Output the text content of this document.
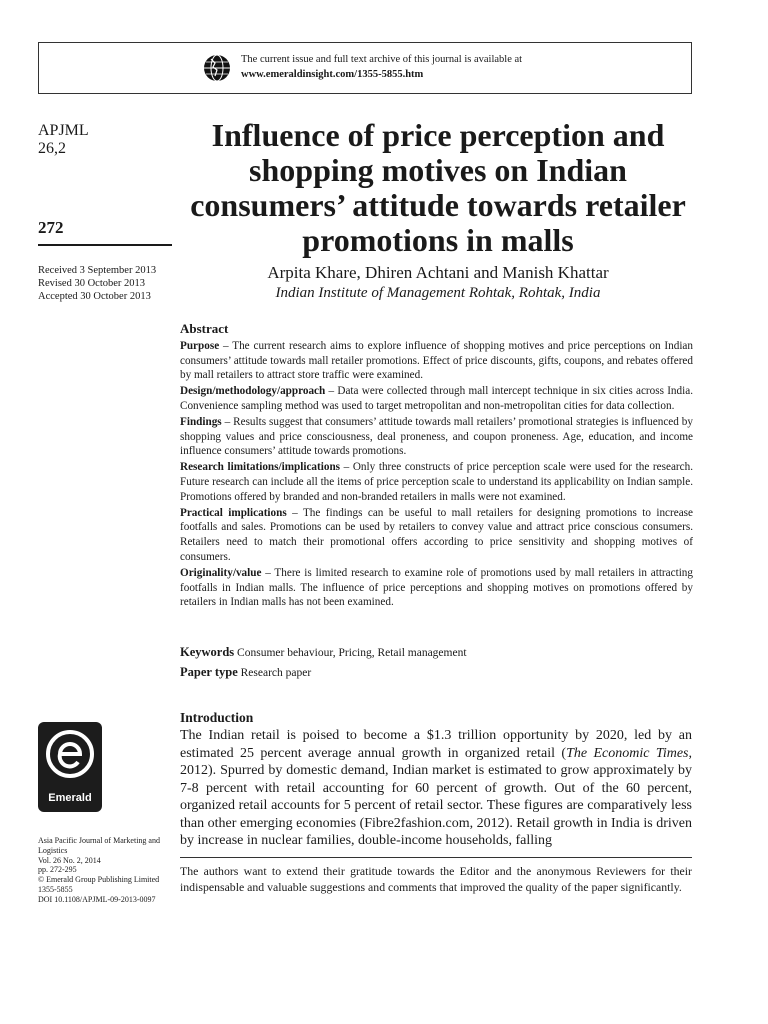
The current issue and full text archive of this journal is available at
www.emeraldinsight.com/1355-5855.htm
APJML
26,2
272
Received 3 September 2013
Revised 30 October 2013
Accepted 30 October 2013
Influence of price perception and shopping motives on Indian consumers’ attitude towards retailer promotions in malls
Arpita Khare, Dhiren Achtani and Manish Khattar
Indian Institute of Management Rohtak, Rohtak, India
Abstract

Purpose – The current research aims to explore influence of shopping motives and price perceptions on Indian consumers’ attitude towards mall retailer promotions. Effect of price discounts, gifts, coupons, and rebates offered by mall retailers to attract store traffic were examined.

Design/methodology/approach – Data were collected through mall intercept technique in six cities across India. Convenience sampling method was used to target metropolitan and non-metropolitan cities for data collection.

Findings – Results suggest that consumers’ attitude towards mall retailers’ promotional strategies is influenced by shopping values and price consciousness, deal proneness, and coupon proneness. Age, education, and income influence consumers’ attitude towards promotions.

Research limitations/implications – Only three constructs of price perception scale were used for the research. Future research can include all the items of price perception scale to understand its applicability on Indian sample. Promotions offered by branded and non-branded retailers in malls were not examined.

Practical implications – The findings can be useful to mall retailers for designing promotions to increase footfalls and sales. Promotions can be used by retailers to convey value and attract price conscious consumers. Retailers need to match their promotional offers according to price sensitivity and shopping motives of consumers.

Originality/value – There is limited research to examine role of promotions used by mall retailers in attracting footfalls in Indian malls. The influence of price perceptions and shopping motives on promotions offered by retailers in Indian malls has not been examined.

Keywords Consumer behaviour, Pricing, Retail management
Paper type Research paper
Introduction

The Indian retail is poised to become a $1.3 trillion opportunity by 2020, led by an estimated 25 percent average annual growth in organized retail (The Economic Times, 2012). Spurred by domestic demand, Indian market is estimated to grow approximately by 7-8 percent with retail accounting for 60 percent of growth. Out of the 60 percent, organized retail accounts for 5 percent of retail sector. These figures are comparatively less than other emerging economies (Fibre2fashion.com, 2012). Retail growth in India is driven by increase in nuclear families, double-income households, falling

Emerald
Asia Pacific Journal of Marketing and Logistics
Vol. 26 No. 2, 2014
pp. 272-295
© Emerald Group Publishing Limited
1355-5855
DOI 10.1108/APJML-09-2013-0097

The authors want to extend their gratitude towards the Editor and the anonymous Reviewers for their indispensable and valuable suggestions and comments that improved the quality of the paper significantly.
